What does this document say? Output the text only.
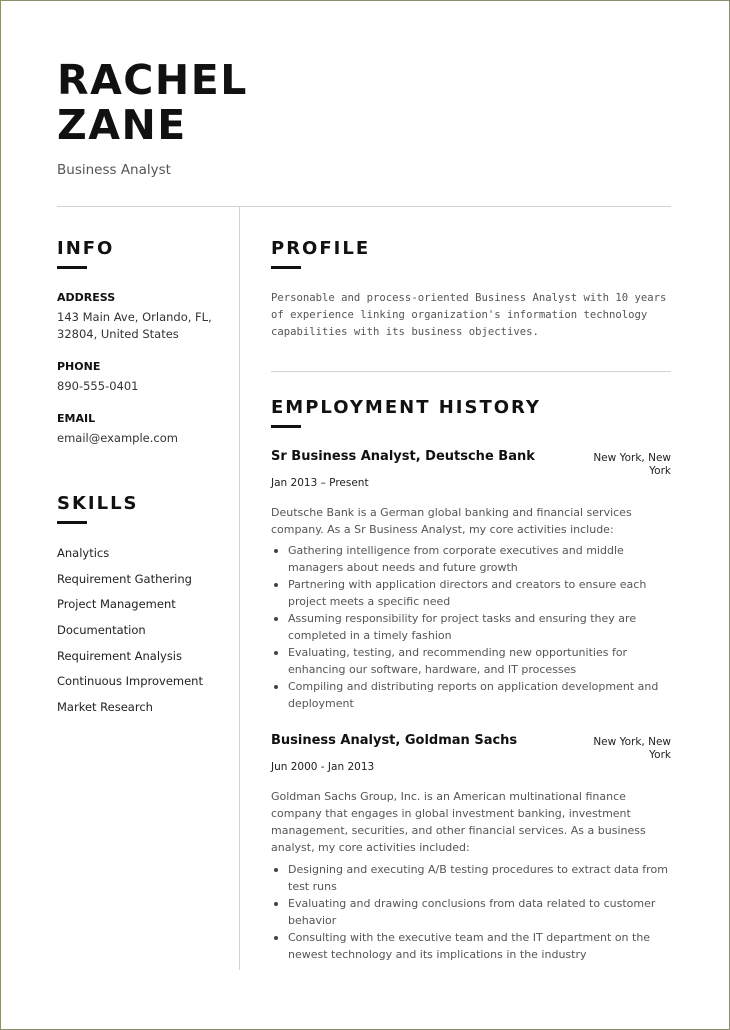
RACHEL
ZANE

Business Analyst

INFO

ADDRESS

143 Main Ave, Orlando, FL,

32804, United States

PHONE

890-555-0401

EMAIL

email@example.com

SKILLS
Analytics
Requirement Gathering
Project Management
Documentation
Requirement Analysis
Continuous Improvement
Market Research
PROFILE

Personable and process-oriented Business Analyst with 10 years of experience linking organization's information technology capabilities with its business objectives.

EMPLOYMENT HISTORY

Sr Business Analyst, Deutsche Bank	New York, New
York

Jan 2013 – Present

Deutsche Bank is a German global banking and financial services company. As a Sr Business Analyst, my core activities include:

Gathering intelligence from corporate executives and middle managers about needs and future growth
Partnering with application directors and creators to ensure each project meets a specific need
Assuming responsibility for project tasks and ensuring they are completed in a timely fashion
Evaluating, testing, and recommending new opportunities for enhancing our software, hardware, and IT processes
Compiling and distributing reports on application development and deployment

Business Analyst, Goldman Sachs	New York, New
York

Jun 2000 - Jan 2013

Goldman Sachs Group, Inc. is an American multinational finance company that engages in global investment banking, investment management, securities, and other financial services. As a business analyst, my core activities included:

Designing and executing A/B testing procedures to extract data from test runs
Evaluating and drawing conclusions from data related to customer behavior
Consulting with the executive team and the IT department on the newest technology and its implications in the industry
